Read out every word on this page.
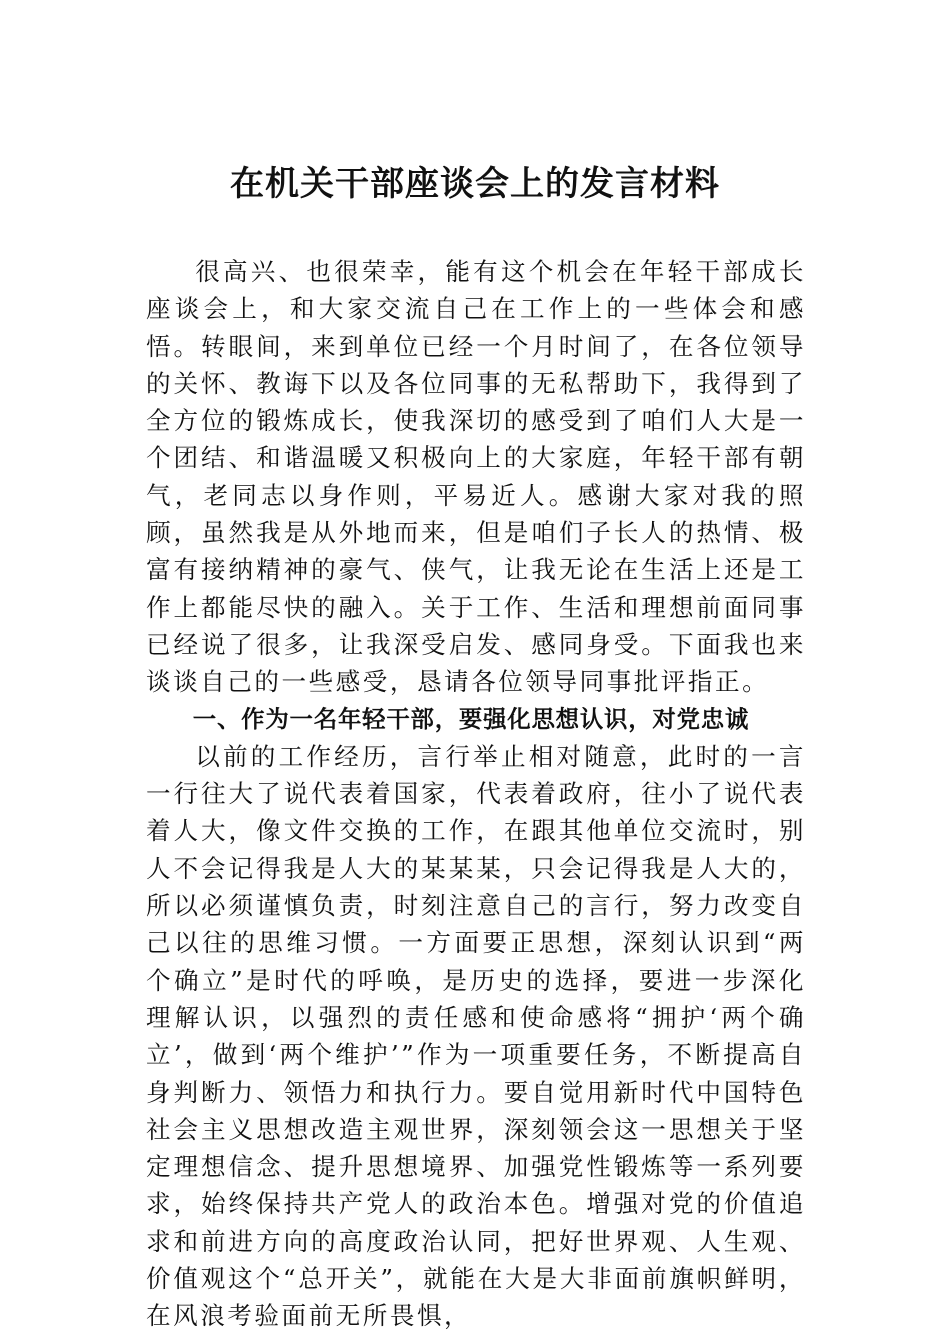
在机关干部座谈会上的发言材料

很高兴、也很荣幸，能有这个机会在年轻干部成长座谈会上，和大家交流自己在工作上的一些体会和感悟。转眼间，来到单位已经一个月时间了，在各位领导的关怀、教诲下以及各位同事的无私帮助下，我得到了全方位的锻炼成长，使我深切的感受到了咱们人大是一个团结、和谐温暖又积极向上的大家庭，年轻干部有朝气，老同志以身作则，平易近人。感谢大家对我的照顾，虽然我是从外地而来，但是咱们子长人的热情、极富有接纳精神的豪气、侠气，让我无论在生活上还是工作上都能尽快的融入。关于工作、生活和理想前面同事已经说了很多，让我深受启发、感同身受。下面我也来谈谈自己的一些感受，恳请各位领导同事批评指正。

一、作为一名年轻干部，要强化思想认识，对党忠诚

以前的工作经历，言行举止相对随意，此时的一言一行往大了说代表着国家，代表着政府，往小了说代表着人大，像文件交换的工作，在跟其他单位交流时，别人不会记得我是人大的某某某，只会记得我是人大的，所以必须谨慎负责，时刻注意自己的言行，努力改变自己以往的思维习惯。一方面要正思想，深刻认识到“两个确立”是时代的呼唤，是历史的选择，要进一步深化理解认识，以强烈的责任感和使命感将“拥护‘两个确立’，做到‘两个维护’”作为一项重要任务，不断提高自身判断力、领悟力和执行力。要自觉用新时代中国特色社会主义思想改造主观世界，深刻领会这一思想关于坚定理想信念、提升思想境界、加强党性锻炼等一系列要求，始终保持共产党人的政治本色。增强对党的价值追求和前进方向的高度政治认同，把好世界观、人生观、价值观这个“总开关”，就能在大是大非面前旗帜鲜明，在风浪考验面前无所畏惧，
